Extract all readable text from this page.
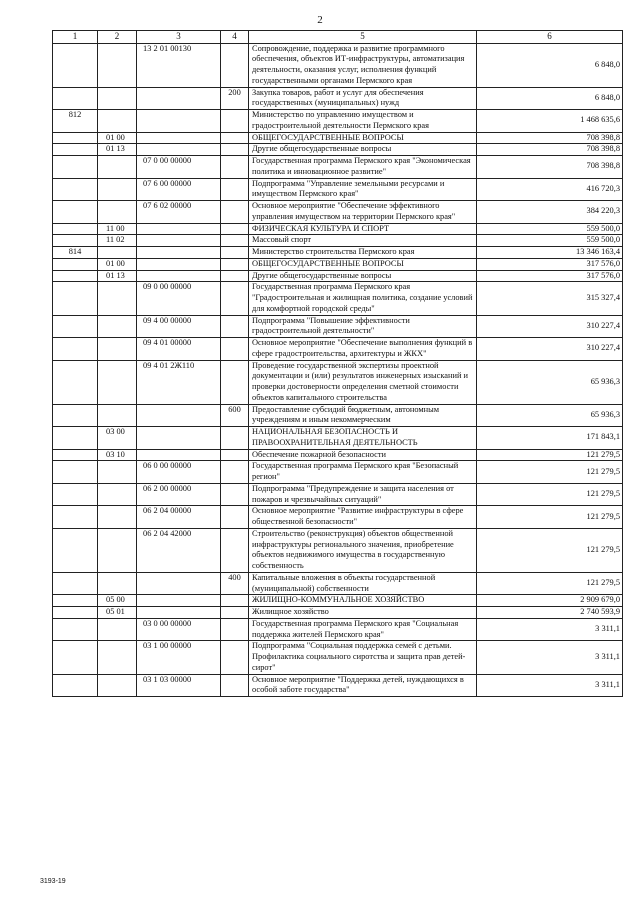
2
1	2	3	4	5	6
		13 2 01 00130		Сопровождение, поддержка и развитие программного обеспечения, объектов ИТ-инфраструктуры, автоматизация деятельности, оказания услуг, исполнения функций государственными органами Пермского края	6 848,0
			200	Закупка товаров, работ и услуг для обеспечения государственных (муниципальных) нужд	6 848,0
812				Министерство по управлению имуществом и градостроительной деятельности Пермского края	1 468 635,6
	01 00			ОБЩЕГОСУДАРСТВЕННЫЕ ВОПРОСЫ	708 398,8
	01 13			Другие общегосударственные вопросы	708 398,8
		07 0 00 00000		Государственная программа Пермского края "Экономическая политика и инновационное развитие"	708 398,8
		07 6 00 00000		Подпрограмма "Управление земельными ресурсами и имуществом Пермского края"	416 720,3
		07 6 02 00000		Основное мероприятие "Обеспечение эффективного управления имуществом на территории Пермского края"	384 220,3
	11 00			ФИЗИЧЕСКАЯ КУЛЬТУРА И СПОРТ	559 500,0
	11 02			Массовый спорт	559 500,0
814				Министерство строительства Пермского края	13 346 163,4
	01 00			ОБЩЕГОСУДАРСТВЕННЫЕ ВОПРОСЫ	317 576,0
	01 13			Другие общегосударственные вопросы	317 576,0
		09 0 00 00000		Государственная программа Пермского края "Градостроительная и жилищная политика, создание условий для комфортной городской среды"	315 327,4
		09 4 00 00000		Подпрограмма "Повышение эффективности градостроительной деятельности"	310 227,4
		09 4 01 00000		Основное мероприятие "Обеспечение выполнения функций в сфере градостроительства, архитектуры и ЖКХ"	310 227,4
		09 4 01 2Ж110		Проведение государственной экспертизы проектной документации и (или) результатов инженерных изысканий и проверки достоверности определения сметной стоимости объектов капитального строительства	65 936,3
			600	Предоставление субсидий бюджетным, автономным учреждениям и иным некоммерческим	65 936,3
	03 00			НАЦИОНАЛЬНАЯ БЕЗОПАСНОСТЬ И ПРАВООХРАНИТЕЛЬНАЯ ДЕЯТЕЛЬНОСТЬ	171 843,1
	03 10			Обеспечение пожарной безопасности	121 279,5
		06 0 00 00000		Государственная программа Пермского края "Безопасный регион"	121 279,5
		06 2 00 00000		Подпрограмма "Предупреждение и защита населения от пожаров и чрезвычайных ситуаций"	121 279,5
		06 2 04 00000		Основное мероприятие "Развитие инфраструктуры в сфере общественной безопасности"	121 279,5
		06 2 04 42000		Строительство (реконструкция) объектов общественной инфраструктуры регионального значения, приобретение объектов недвижимого имущества в государственную собственность	121 279,5
			400	Капитальные вложения в объекты государственной (муниципальной) собственности	121 279,5
	05 00			ЖИЛИЩНО-КОММУНАЛЬНОЕ ХОЗЯЙСТВО	2 909 679,0
	05 01			Жилищное хозяйство	2 740 593,9
		03 0 00 00000		Государственная программа Пермского края "Социальная поддержка жителей Пермского края"	3 311,1
		03 1 00 00000		Подпрограмма "Социальная поддержка семей с детьми. Профилактика социального сиротства и защита прав детей-сирот"	3 311,1
		03 1 03 00000		Основное мероприятие "Поддержка детей, нуждающихся в особой заботе государства"	3 311,1
3193-19
